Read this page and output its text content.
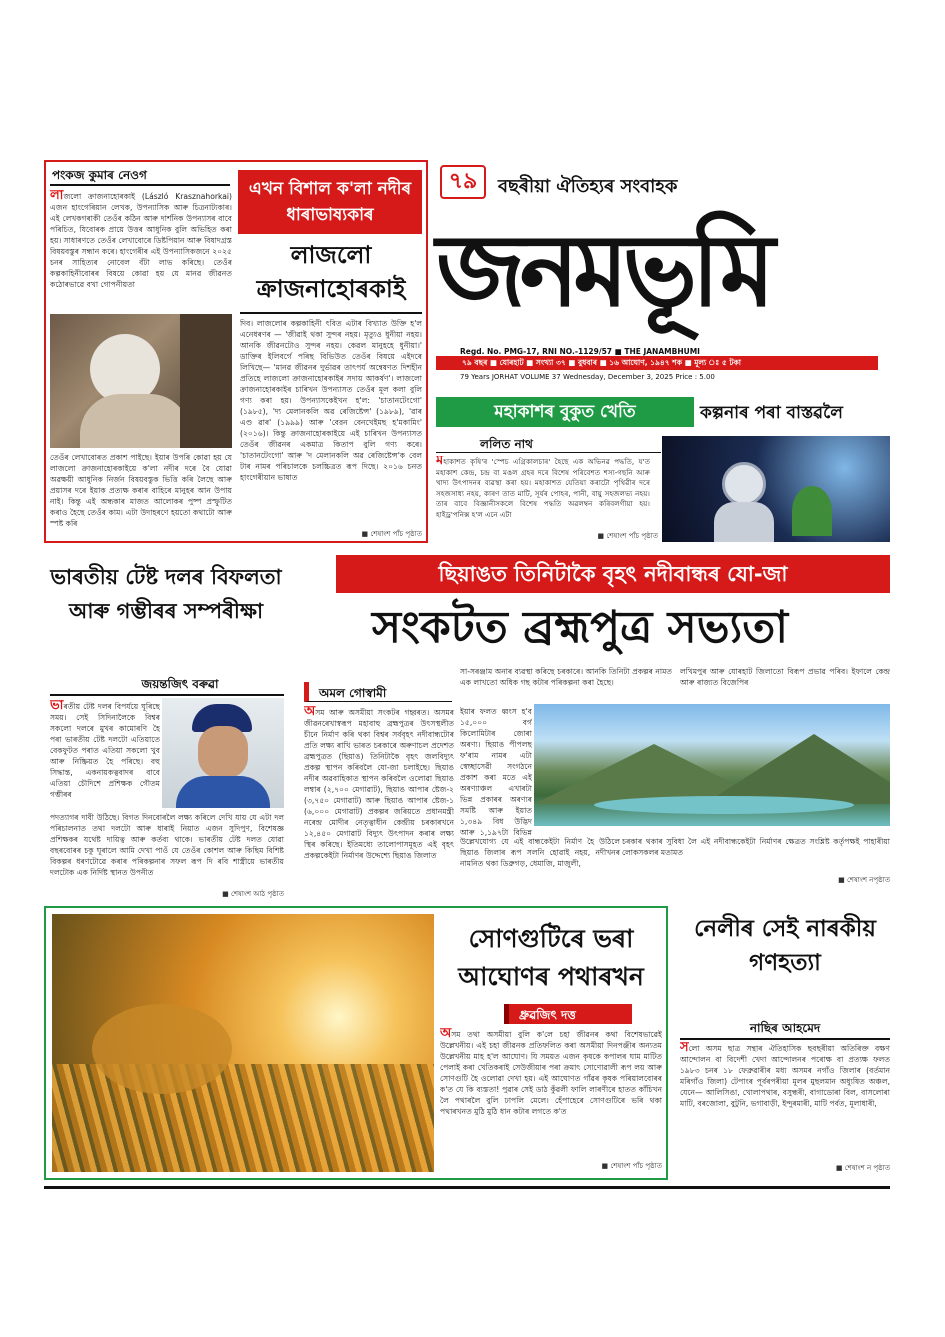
পংকজ কুমাৰ নেওগ
লাজলো ক্ৰাজনাহোৰকাই (László Krasznahorkai) এজন হাংগেৰিয়ান লেখক, উপন্যাসিক আৰু চিত্ৰনাট্যকাৰ। এই লেখকগৰাকী তেওঁৰ কঠিন আৰু দাৰ্শনিক উপন্যাসৰ বাবে পৰিচিত, যিবোৰক প্ৰায়ে উত্তৰ আধুনিক বুলি অভিহিত কৰা হয়। সাধাৰণতে তেওঁৰ লেখাবোৰে ডিষ্টপিয়ান আৰু বিষাদগ্ৰস্ত বিষয়বস্তুৰ সন্ধান কৰে। হাংগেৰীৰ এই উপন্যাসিকজনে ২০২৫ চনৰ সাহিত্যৰ নোবেল বঁটা লাভ কৰিছে। তেওঁৰ কল্পকাহিনীবোৰৰ বিষয়ে কোৱা হয় যে মানৱ জীৱনত কঠোৰভাৱে বখা গোপনীয়তা
তেওঁৰ লেখাবোৰত প্ৰকাশ পাইছে। ইয়াৰ উপৰি কোৱা হয় যে লাজলো ক্ৰাজনাহোৰকাইয়ে ক'লা নদীৰ দৰে বৈ যোৱা অৱক্ষয়ী আধুনিক নিৰ্জন বিষয়বস্তুক ভিত্তি কৰি লৈছে আৰু প্ৰয়াসৰ দৰে ইয়াক প্ৰত্যক্ষ কৰাৰ বাহিৰে মানুহৰ আন উপায় নাই। কিন্তু এই অন্ধকাৰ মাজত আলোকৰ পুষ্প প্ৰস্ফুটিত কৰাও হৈছে তেওঁৰ কাম। এটা উদাহৰণে হয়তো কথাটো আৰু স্পষ্ট কৰি
এখন বিশাল ক'লা নদীৰ ধাৰাভাষ্যকাৰ
লাজলো ক্ৰাজনাহোৰকাই
দিব। লাজলোৰ কল্পকাহিনী ৎবিত এটাৰ বিখ্যাত উক্তি হ'ল এনেধৰণৰ — 'জীৱাই থকা সুন্দৰ নহয়। মৃত্যুও ধুনীয়া নহয়। আনকি জীৱনটোও সুন্দৰ নহয়। কেৱল মানুহহে ধুনীয়া।' ডাক্তিৰ ইলিবৰ্গে পৰিছ বিভিউত তেওঁৰ বিষয়ে এইদৰে লিখিছে— 'মানৱ জীৱনৰ দুৰ্ভাৱৰ তাৎপৰ্য অন্বেষণত দিশহীন প্ৰতিহে লাজলো ক্ৰাজনাহোৰকাইৰ সদায় আকৰ্ষণ'। লাজলো ক্ৰাজনাহোৰকাইৰ চাৰিখন উপন্যাসত তেওঁৰ মূল কলা বুলি গণ্য কৰা হয়। উপন্যাসকেইখন হ'ল: 'চাতানটেংগো' (১৯৮৫), 'দ্য মেলানকলি অৱ ৰেজিষ্টেন্স' (১৯৮৯), 'ৱাৰ এণ্ড ৱাৰ' (১৯৯৯) আৰু 'বেরন বেনখেইমছ হ'মকামিং' (২০১৬)। কিন্তু ক্ৰাজনাহোৰকাইয়ে এই চাৰিখন উপন্যাসত তেওঁৰ জীৱনৰ একমাত্ৰ কিতাপ বুলি গণ্য কৰে। 'চাতানটেংগো' আৰু 'দ মেলানকলি অৱ ৰেজিষ্টেন্স'ক বেল টাৰ নামৰ পৰিচালকে চলচ্চিত্ৰত ৰূপ দিছে। ২০১৬ চনত হাংগেৰীয়ান ভাষাত
■ শেষাংশ পাঁচ পৃষ্ঠাত
৭৯	বছৰীয়া ঐতিহ্যৰ সংবাহক
জনমভূমি
Regd. No. PMG-17, RNI NO.-1129/57 ■ THE JANAMBHUMI
৭৯ বছৰ ■ যোৰহাট ■ সংখ্যা ৩৭ ■ বুধবাৰ ■ ১৬ আঘোণ, ১৯৪৭ শক ■ মূল্য ঃ ৫ টকা
79 Years JORHAT VOLUME 37 Wednesday, December 3, 2025 Price : 5.00
মহাকাশৰ বুকুত খেতি	কল্পনাৰ পৰা বাস্তৱলৈ
ললিত নাথ
মহাকাশত কৃষি'ৰ 'স্পেচ এগ্ৰিকালচাৰ' হৈছে এক অভিনৱ পদ্ধতি, য'ত মহাকাশ কেন্দ্ৰ, চন্দ্ৰ বা মঙল গ্ৰহৰ দৰে বিশেষ পৰিবেশত শস্য-গছনি আৰু খাদ্য উৎপাদনৰ ব্যৱস্থা কৰা হয়। মহাকাশত যেতিয়া কৰাটো পৃথিৱীৰ দৰে সহজসাধ্য নহয়, কাৰণ তাত মাটি, সূৰ্যৰ পোহৰ, পানী, বায়ু সহজলভ্য নহয়। তাৰ বাবে বিজ্ঞানীসকলে বিশেষ পদ্ধতি অৱলম্বন কৰিবলগীয়া হয়। হাইড্ৰ'পনিক্স হ'ল এনে এটা
■ শেষাংশ পাঁচ পৃষ্ঠাত
ছিয়াঙত তিনিটাকৈ বৃহৎ নদীবান্ধৰ যো-জা
সংকটত ব্ৰহ্মপুত্ৰ সভ্যতা
অমল গোস্বামী
অসম আৰু অসমীয়া সংকটৰ গহ্বৰত। অসমৰ জীৱনৰেখাস্বৰূপ মহাবাহু ব্ৰহ্মপুত্ৰৰ উৎসস্থলীত চীনে নিৰ্মাণ কৰি থকা বিশ্বৰ সৰ্ববৃহৎ নদীবান্ধটোৰ প্ৰতি লক্ষ্য ৰাখি ভাৰত চৰকাৰে অৰুণাচল প্ৰদেশত ব্ৰহ্মপুত্ৰত (ছিয়াঙ) তিনিটাকৈ বৃহৎ জলবিদ্যুৎ প্ৰকল্প স্থাপন কৰিবলৈ যো-জা চলাইছে। ছিয়াঙ নদীৰ অৱবাহিকাত স্থাপন কৰিবলৈ ওলোৱা ছিয়াঙ লম্বাৰ (২,৭০০ মেগাৱাট), ছিয়াঙ আপাৰ ষ্টেজ-২ (৩,৭৫০ মেগাৱাট) আৰু ছিয়াঙ আপাৰ ষ্টেজ-১ (৬,০০০ মেগাৱাট) প্ৰকল্পৰ জৰিয়তে প্ৰধানমন্ত্ৰী নৰেন্দ্ৰ মোদীৰ নেতৃত্বাধীন কেন্দ্ৰীয় চৰকাৰখনে ১২,৪৫০ মেগাৱাট বিদ্যুৎ উৎপাদন কৰাৰ লক্ষ্য স্থিৰ কৰিছে। ইতিমধ্যে তালোপাসমূহত এই বৃহৎ প্ৰকল্পকেইটা নিৰ্মাণৰ উদ্দেশ্যে ছিয়াঙ জিলাত
সা-সৰঞ্জাম অনাৰ ব্যৱস্থা কৰিছে চৰকাৰে। আনকি তিনিটা প্ৰকল্পৰ নামত এক লাখতো অধিক গছ কটাৰ পৰিকল্পনা কৰা হৈছে।
ইয়াৰ ফলত ধ্বংস হ'ব ১৫,০০০ বৰ্গ কিলোমিটাৰ জোৰা অৰণ্য। ছিয়াঙ পীপলছ ফ'ৰাম নামৰ এটা স্বেচ্ছাসেৱী সংগঠনে প্ৰকাশ কৰা মতে এই অৰণ্যাঞ্চল এখাৰটা ভিন্ন প্ৰকাৰৰ অৰণ্যৰ সমষ্টি আৰু ইয়াত ১,৩৪৯ বিধ উদ্ভিদ আৰু ১,১৯৭টা বিভিন্ন
উল্লেখযোগ্য যে এই বান্ধকেইটা নিৰ্মাণ হৈ উঠিলে ছিয়াঙ জিলাৰ ৰূপ সলনি হোৱাই নহয়, নদীখনৰ নামনিত থকা ডিব্ৰুগড়, ধেমাজি, মাজুলী,
লখিমপুৰ আৰু যোৰহাট জিলাতো বিৰূপ প্ৰভাৱ পৰিব। ইফালে কেন্দ্ৰ আৰু ৰাজ্যত বিজেপিৰ
চৰকাৰ থকাৰ সুবিধা লৈ এই নদীবান্ধকেইটা নিৰ্মাণৰ ক্ষেত্ৰত সংশ্লিষ্ট কৰ্তৃপক্ষই পাহাৰীয়া লোকসকলৰ মতামত
■ শেষাংশ নপৃষ্ঠাত
ভাৰতীয় টেষ্ট দলৰ বিফলতা আৰু গম্ভীৰৰ সম্পৰীক্ষা
জয়ন্তজিৎ বৰুৱা
ভাৰতীয় টেষ্ট দলৰ বিপৰ্যয়ে ঘূৰিছে সময়। সেই সিদিনালৈকে বিশ্বৰ সকলো দলৰে মুখৰ কামোৰণি হৈ পৰা ভাৰতীয় টেষ্ট দলটো এতিয়াতে বেকফুটত পৰাত এতিয়া সকলো খুব আৰু নিষ্ক্ৰিয়ত হৈ পৰিছে। বহু সিদ্ধান্ত, একনায়কত্ববাদৰ বাবে এতিয়া চৌদিশে প্ৰশিক্ষক গৌতম গম্ভীৰৰ
পদত্যাগৰ দাবী উঠিছে। বিগত দিনবোৰলৈ লক্ষ্য কৰিলে দেখি যায় যে এটা দল পৰিচালনাত তথা দলটো আৰু ধাৰাই নিয়াত এজন সুদিপুণ, বিশেষজ্ঞ প্ৰশিক্ষকৰ যথেষ্ট দায়িত্ব আৰু কৰ্তব্য থাকে। ভাৰতীয় টেষ্ট দলত যোৱা বছৰবোৰৰ চকু ঘূৰালে আমি দেখা পাওঁ যে তেওঁৰ কোশল আৰু কিছিম বিশিষ্ট বিকল্পৰ ধৰণটোৱে কৰাৰ পৰিকল্পনাৰ সফল ৰূপ দি ৰবি শাস্ত্ৰীয়ে ভাৰতীয় দলটোক এক নিৰ্দিষ্ট স্থানত উপনীত
■ শেষাংশ আঠ পৃষ্ঠাত
সোণগুটিৰে ভৰা আঘোণৰ পথাৰখন
ধ্ৰুৱজিৎ দত্ত
অসম তথা অসমীয়া বুলি ক'লে চহা জীৱনৰ কথা বিশেষভাৱেই উল্লেখনীয়। এই চহা জীৱনক প্ৰতিফলিত কৰা অসমীয়া দিনপঞ্জীৰ অন্যতম উল্লেখনীয় মাহ হ'ল আঘোণ। যি সময়ত এজন কৃষকে কপালৰ ঘাম মাটিত পেলাই কৰা খেতিকৰাই সেউজীয়াৰ পৰা ক্ৰমাৎ সোণোৱালী ৰূপ লয় আৰু সোণগুটি হৈ ওলোৱা দেখা হয়। এই আঘোণত গাঁৱৰ কৃষক পৰিয়ালবোৰৰ ক'ত যে কি ব্যস্ততা! পুৱাৰ সেই ডাঠ কুঁৱলী ফালি লাৰণীৰে হাতত কাঁচিখন লৈ পথাৰলৈ বুলি ঢাপলি মেলে। হেঁপাহেৰে সোণগুটিৰে ভৰি থকা পথাৰখনত মুঠি মুঠি ধান কটাৰ লগতে ক'ত
■ শেষাংশ পাঁচ পৃষ্ঠাত
নেলীৰ সেই নাৰকীয় গণহত্যা
নাছিৰ আহমেদ
সলো অসম ছাত্ৰ সন্থাৰ ঐতিহাসিক ছবছৰীয়া অতিৰিক্ত বক্ষণ আন্দোলন বা বিদেশী খেদা আন্দোলনৰ পৰোক্ষ বা প্ৰত্যক্ষ ফলত ১৯৮৩ চনৰ ১৮ ফেব্ৰুৱাৰীৰ মধ্য অসমৰ নগাঁও জিলাৰ (বৰ্তমান মৰিগাঁও জিলা) টেপাংৰ পূৰ্বৰপৰীয়া মূলৰ মুছলমান অধ্যুষিত অঞ্চল, যেনে— আলিসিঙা, খোলাপথাৰ, বসুন্ধৰী, বাগাডোৰা বিল, বাসলোৰা মাটি, বৰজোলা, বুটুনি, ভগাবাড়ী, ইন্দুৰমাৰী, মাটি পৰ্বত, মূলাধাৰী,
■ শেষাংশ ন পৃষ্ঠাত
